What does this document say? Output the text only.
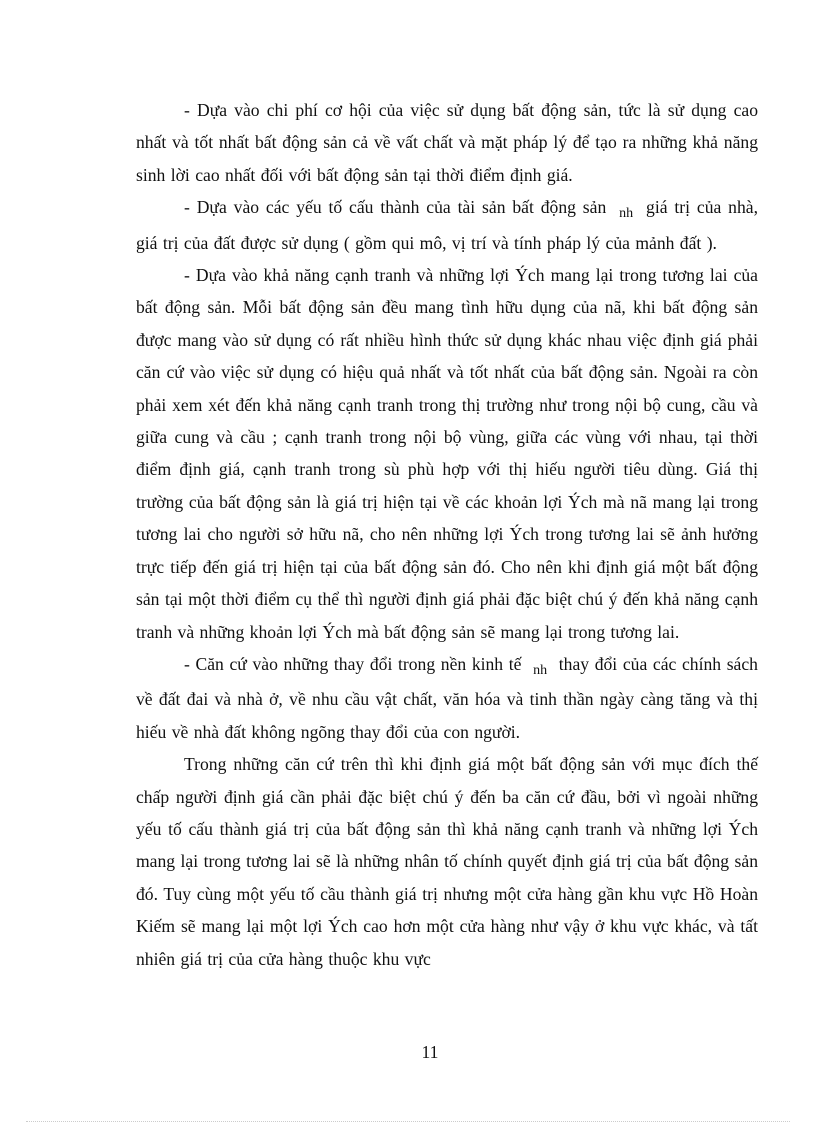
- Dựa vào chi phí cơ hội của việc sử dụng bất động sản, tức là sử dụng cao nhất và tốt nhất bất động sản cả về vất chất và mặt pháp lý để tạo ra những khả năng sinh lời cao nhất đối với bất động sản tại thời điểm định giá.

- Dựa vào các yếu tố cấu thành của tài sản bất động sản $_{nh}$ giá trị của nhà, giá trị của đất được sử dụng ( gồm qui mô, vị trí và tính pháp lý của mảnh đất ).

- Dựa vào khả năng cạnh tranh và những lợi Ých mang lại trong tương lai của bất động sản. Mỗi bất động sản đều mang tình hữu dụng của nã, khi bất động sản được mang vào sử dụng có rất nhiều hình thức sử dụng khác nhau việc định giá phải căn cứ vào việc sử dụng có hiệu quả nhất và tốt nhất của bất động sản. Ngoài ra còn phải xem xét đến khả năng cạnh tranh trong thị trường như trong nội bộ cung, cầu và giữa cung và cầu ; cạnh tranh trong nội bộ vùng, giữa các vùng với nhau, tại thời điểm định giá, cạnh tranh trong sù phù hợp với thị hiếu người tiêu dùng. Giá thị trường của bất động sản là giá trị hiện tại về các khoản lợi Ých mà nã mang lại trong tương lai cho người sở hữu nã, cho nên những lợi Ých trong tương lai sẽ ảnh hưởng trực tiếp đến giá trị hiện tại của bất động sản đó. Cho nên khi định giá một bất động sản tại một thời điểm cụ thể thì người định giá phải đặc biệt chú ý đến khả năng cạnh tranh và những khoản lợi Ých mà bất động sản sẽ mang lại trong tương lai.

- Căn cứ vào những thay đổi trong nền kinh tế $_{nh}$ thay đổi của các chính sách về đất đai và nhà ở, về nhu cầu vật chất, văn hóa và tinh thần ngày càng tăng và thị hiếu về nhà đất không ngõng thay đổi của con người.

Trong những căn cứ trên thì khi định giá một bất động sản với mục đích thế chấp người định giá cần phải đặc biệt chú ý đến ba căn cứ đầu, bởi vì ngoài những yếu tố cấu thành giá trị của bất động sản thì khả năng cạnh tranh và những lợi Ých mang lại trong tương lai sẽ là những nhân tố chính quyết định giá trị của bất động sản đó. Tuy cùng một yếu tố cầu thành giá trị nhưng một cửa hàng gần khu vực Hồ Hoàn Kiếm sẽ mang lại một lợi Ých cao hơn một cửa hàng như vậy ở khu vực khác, và tất nhiên giá trị của cửa hàng thuộc khu vực

11
